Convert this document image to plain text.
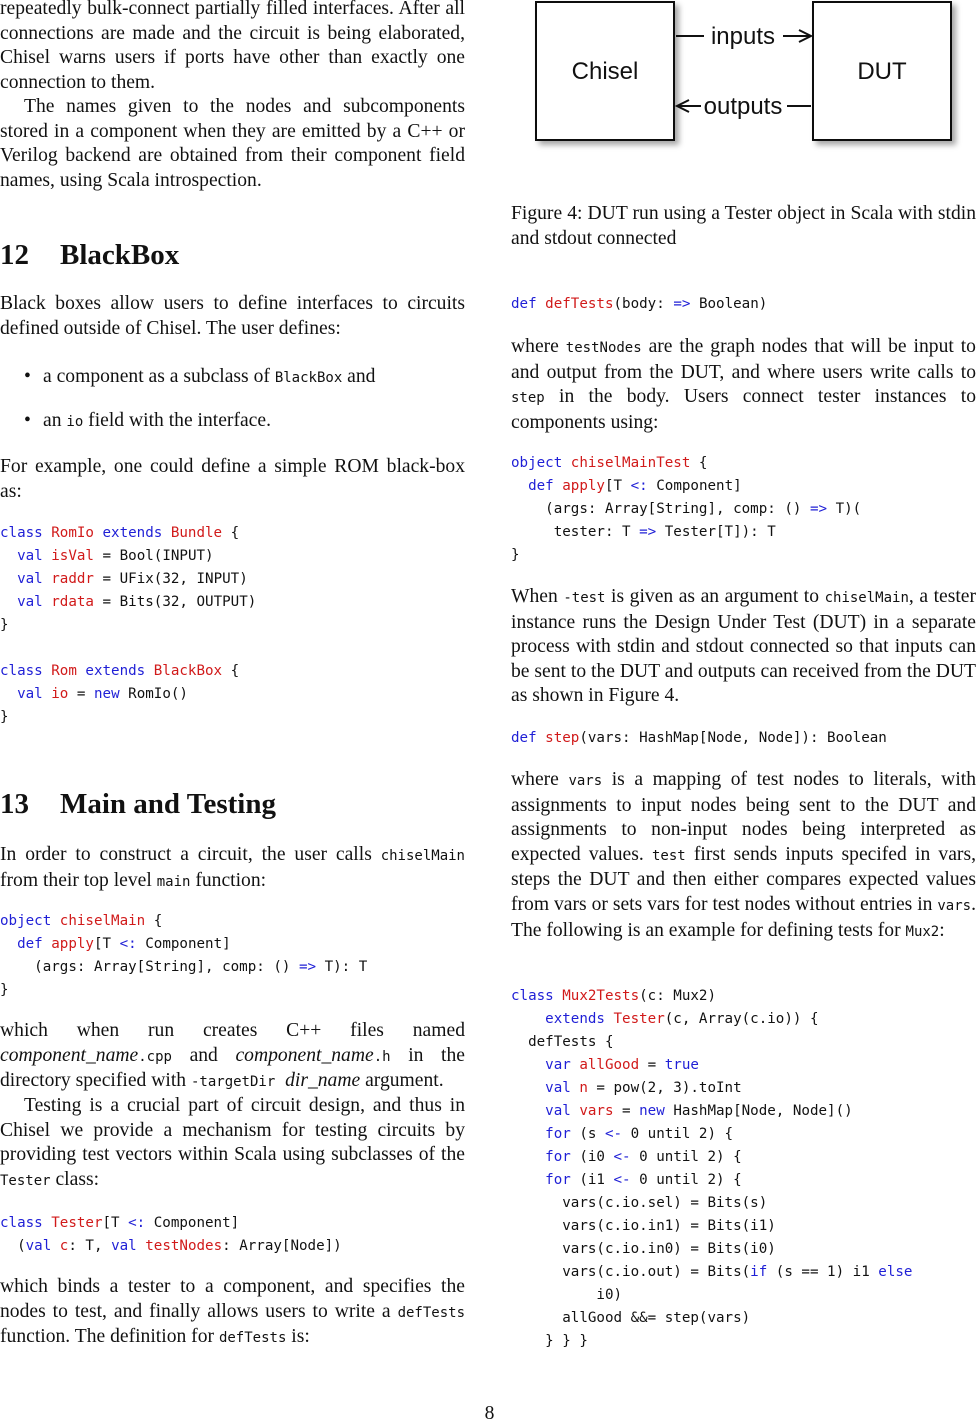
repeatedly bulk-connect partially filled interfaces. After all connections are made and the circuit is being elaborated, Chisel warns users if ports have other than exactly one connection to them.

The names given to the nodes and subcomponents stored in a component when they are emitted by a C++ or Verilog backend are obtained from their component field names, using Scala introspection.

12	BlackBox

Black boxes allow users to define interfaces to circuits defined outside of Chisel. The user defines:

• a component as a subclass of BlackBox and
• an io field with the interface.

For example, one could define a simple ROM black-box as:

class RomIo extends Bundle {
val isVal = Bool(INPUT)
val raddr = UFix(32, INPUT)
val rdata = Bits(32, OUTPUT)
}

class Rom extends BlackBox {
val io = new RomIo()
}
13	Main and Testing

In order to construct a circuit, the user calls chiselMain from their top level main function:

object chiselMain {
def apply[T <: Component]
(args: Array[String], comp: () => T): T
}

which when run creates C++ files named component_name.cpp and component_name.h in the directory specified with -targetDir dir_name argument.

Testing is a crucial part of circuit design, and thus in Chisel we provide a mechanism for testing circuits by providing test vectors within Scala using subclasses of the Tester class:

class Tester[T <: Component]
(val c: T, val testNodes: Array[Node])

which binds a tester to a component, and specifies the nodes to test, and finally allows users to write a defTests function. The definition for defTests is:

Chisel	DUT
inputs
outputs

Figure 4: DUT run using a Tester object in Scala with stdin and stdout connected

def defTests(body: => Boolean)

where testNodes are the graph nodes that will be input to and output from the DUT, and where users write calls to step in the body. Users connect tester instances to components using:

object chiselMainTest {
def apply[T <: Component]
(args: Array[String], comp: () => T)(
tester: T => Tester[T]): T
}

When -test is given as an argument to chiselMain, a tester instance runs the Design Under Test (DUT) in a separate process with stdin and stdout connected so that inputs can be sent to the DUT and outputs can received from the DUT as shown in Figure 4.

def step(vars: HashMap[Node, Node]): Boolean

where vars is a mapping of test nodes to literals, with assignments to input nodes being sent to the DUT and assignments to non-input nodes being interpreted as expected values. test first sends inputs specifed in vars, steps the DUT and then either compares expected values from vars or sets vars for test nodes without entries in vars. The following is an example for defining tests for Mux2:

class Mux2Tests(c: Mux2)
extends Tester(c, Array(c.io)) {
defTests {
var allGood = true
val n = pow(2, 3).toInt
val vars = new HashMap[Node, Node]()
for (s <- 0 until 2) {
for (i0 <- 0 until 2) {
for (i1 <- 0 until 2) {
vars(c.io.sel) = Bits(s)
vars(c.io.in1) = Bits(i1)
vars(c.io.in0) = Bits(i0)
vars(c.io.out) = Bits(if (s == 1) i1 else
i0)
allGood &&= step(vars)
} } }
8
